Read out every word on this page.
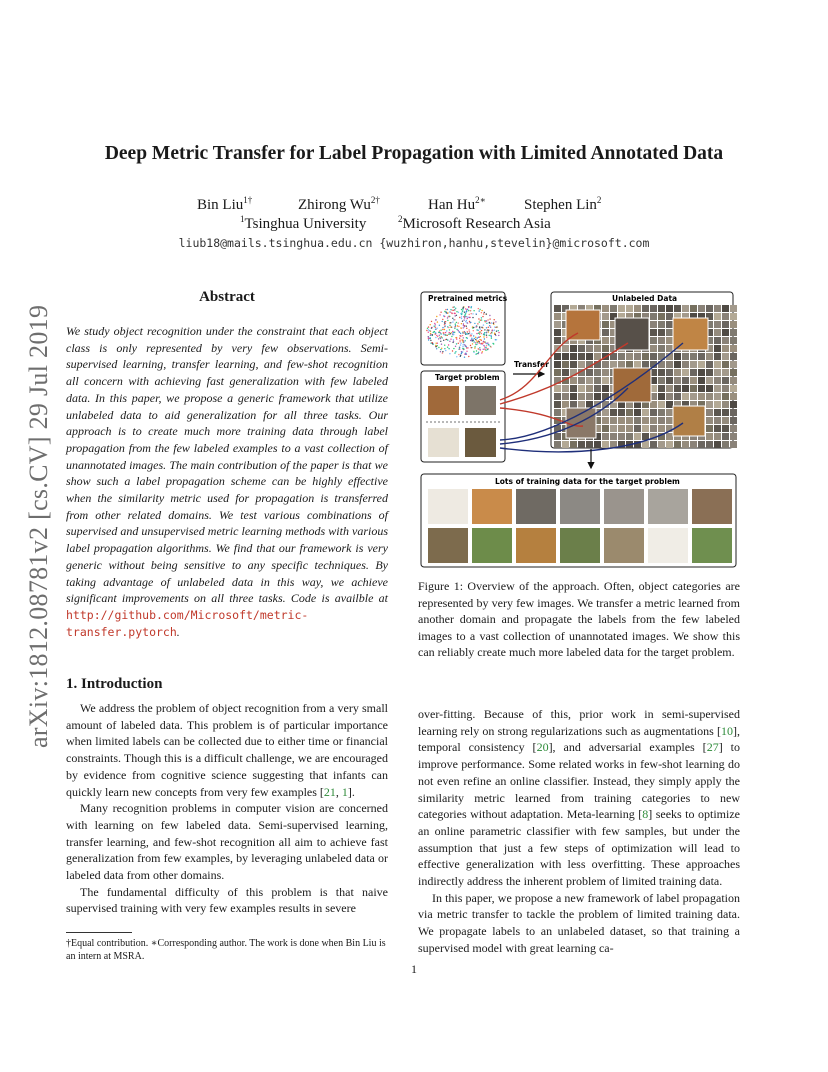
arXiv:1812.08781v2 [cs.CV] 29 Jul 2019
Deep Metric Transfer for Label Propagation with Limited Annotated Data
Bin Liu$^{1\dagger}$	Zhirong $Wu^{2\dagger}$	Han $Hu^{2∗}$	Stephen Lin$^2$
$^1$Tsinghua University	$^2$Microsoft Research Asia
liub18@mails.tsinghua.edu.cn {wuzhiron,hanhu,stevelin}@microsoft.com
Abstract
We study object recognition under the constraint that each object class is only represented by very few observations. Semi-supervised learning, transfer learning, and few-shot recognition all concern with achieving fast generalization with few labeled data. In this paper, we propose a generic framework that utilize unlabeled data to aid generalization for all three tasks. Our approach is to create much more training data through label propagation from the few labeled examples to a vast collection of unannotated images. The main contribution of the paper is that we show such a label propagation scheme can be highly effective when the similarity metric used for propagation is transferred from other related domains. We test various combinations of supervised and unsupervised metric learning methods with various label propagation algorithms. We find that our framework is very generic without being sensitive to any specific techniques. By taking advantage of unlabeled data in this way, we achieve significant improvements on all three tasks. Code is availble at http://github.com/Microsoft/metric-transfer.pytorch.
Pretrained metrics
Transfer
Target problem
Unlabeled Data
Lots of training data for the target problem
Figure 1: Overview of the approach. Often, object categories are represented by very few images. We transfer a metric learned from another domain and propagate the labels from the few labeled images to a vast collection of unannotated images. We show this can reliably create much more labeled data for the target problem.
1. Introduction

We address the problem of object recognition from a very small amount of labeled data. This problem is of particular importance when limited labels can be collected due to either time or financial constraints. Though this is a difficult challenge, we are encouraged by evidence from cognitive science suggesting that infants can quickly learn new concepts from very few examples [21, 1].

Many recognition problems in computer vision are concerned with learning on few labeled data. Semi-supervised learning, transfer learning, and few-shot recognition all aim to achieve fast generalization from few examples, by leveraging unlabeled data or labeled data from other domains.

The fundamental difficulty of this problem is that naive supervised training with very few examples results in severe

†Equal contribution. ∗Corresponding author. The work is done when Bin Liu is an intern at MSRA.

over-fitting. Because of this, prior work in semi-supervised learning rely on strong regularizations such as augmentations [10], temporal consistency [20], and adversarial examples [27] to improve performance. Some related works in few-shot learning do not even refine an online classifier. Instead, they simply apply the similarity metric learned from training categories to new categories without adaptation. Meta-learning [8] seeks to optimize an online parametric classifier with few samples, but under the assumption that just a few steps of optimization will lead to effective generalization with less overfitting. These approaches indirectly address the inherent problem of limited training data.

In this paper, we propose a new framework of label propagation via metric transfer to tackle the problem of limited training data. We propagate labels to an unlabeled dataset, so that training a supervised model with great learning ca-

1
